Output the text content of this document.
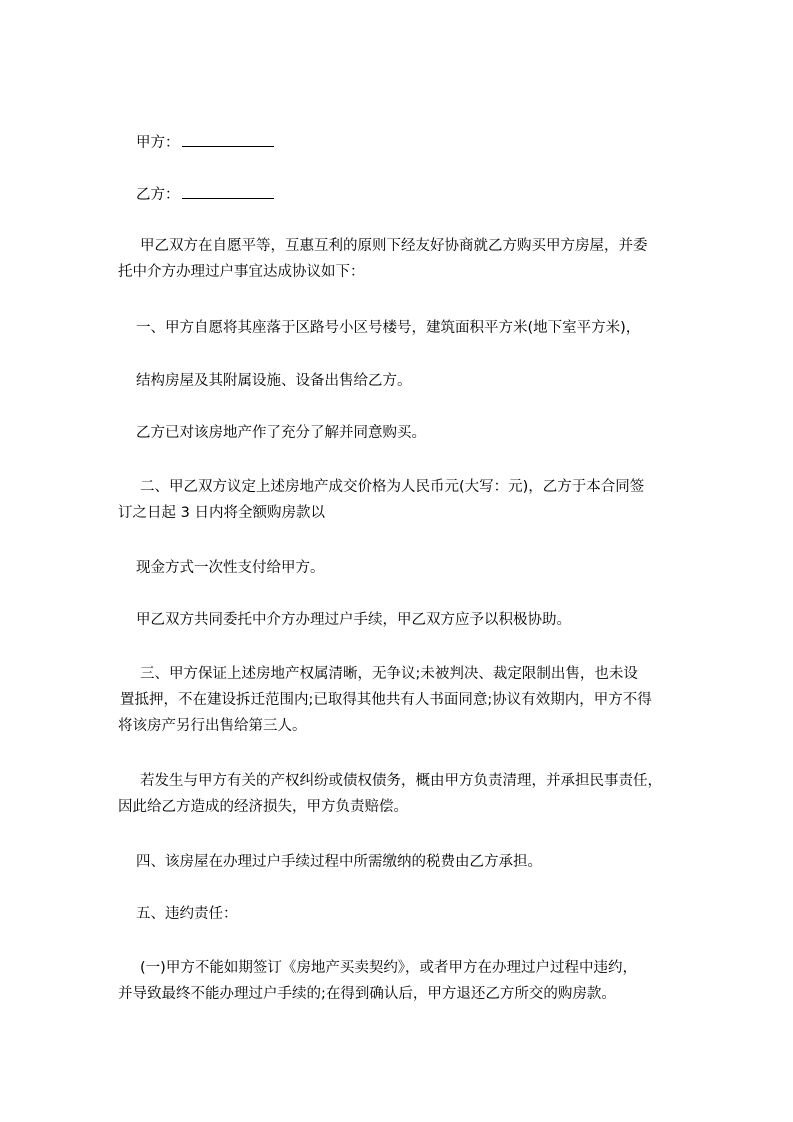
甲方：
乙方：
甲乙双方在自愿平等，互惠互利的原则下经友好协商就乙方购买甲方房屋，并委
托中介方办理过户事宜达成协议如下：
一、甲方自愿将其座落于区路号小区号楼号，建筑面积平方米(地下室平方米)，
结构房屋及其附属设施、设备出售给乙方。
乙方已对该房地产作了充分了解并同意购买。
二、甲乙双方议定上述房地产成交价格为人民币元(大写：元)，乙方于本合同签
订之日起 3 日内将全额购房款以
现金方式一次性支付给甲方。
甲乙双方共同委托中介方办理过户手续，甲乙双方应予以积极协助。
三、甲方保证上述房地产权属清晰，无争议;未被判决、裁定限制出售，也未设
置抵押，不在建设拆迁范围内;已取得其他共有人书面同意;协议有效期内，甲方不得
将该房产另行出售给第三人。
若发生与甲方有关的产权纠纷或债权债务，概由甲方负责清理，并承担民事责任，
因此给乙方造成的经济损失，甲方负责赔偿。
四、该房屋在办理过户手续过程中所需缴纳的税费由乙方承担。
五、违约责任：
(一)甲方不能如期签订《房地产买卖契约》，或者甲方在办理过户过程中违约，
并导致最终不能办理过户手续的;在得到确认后，甲方退还乙方所交的购房款。
